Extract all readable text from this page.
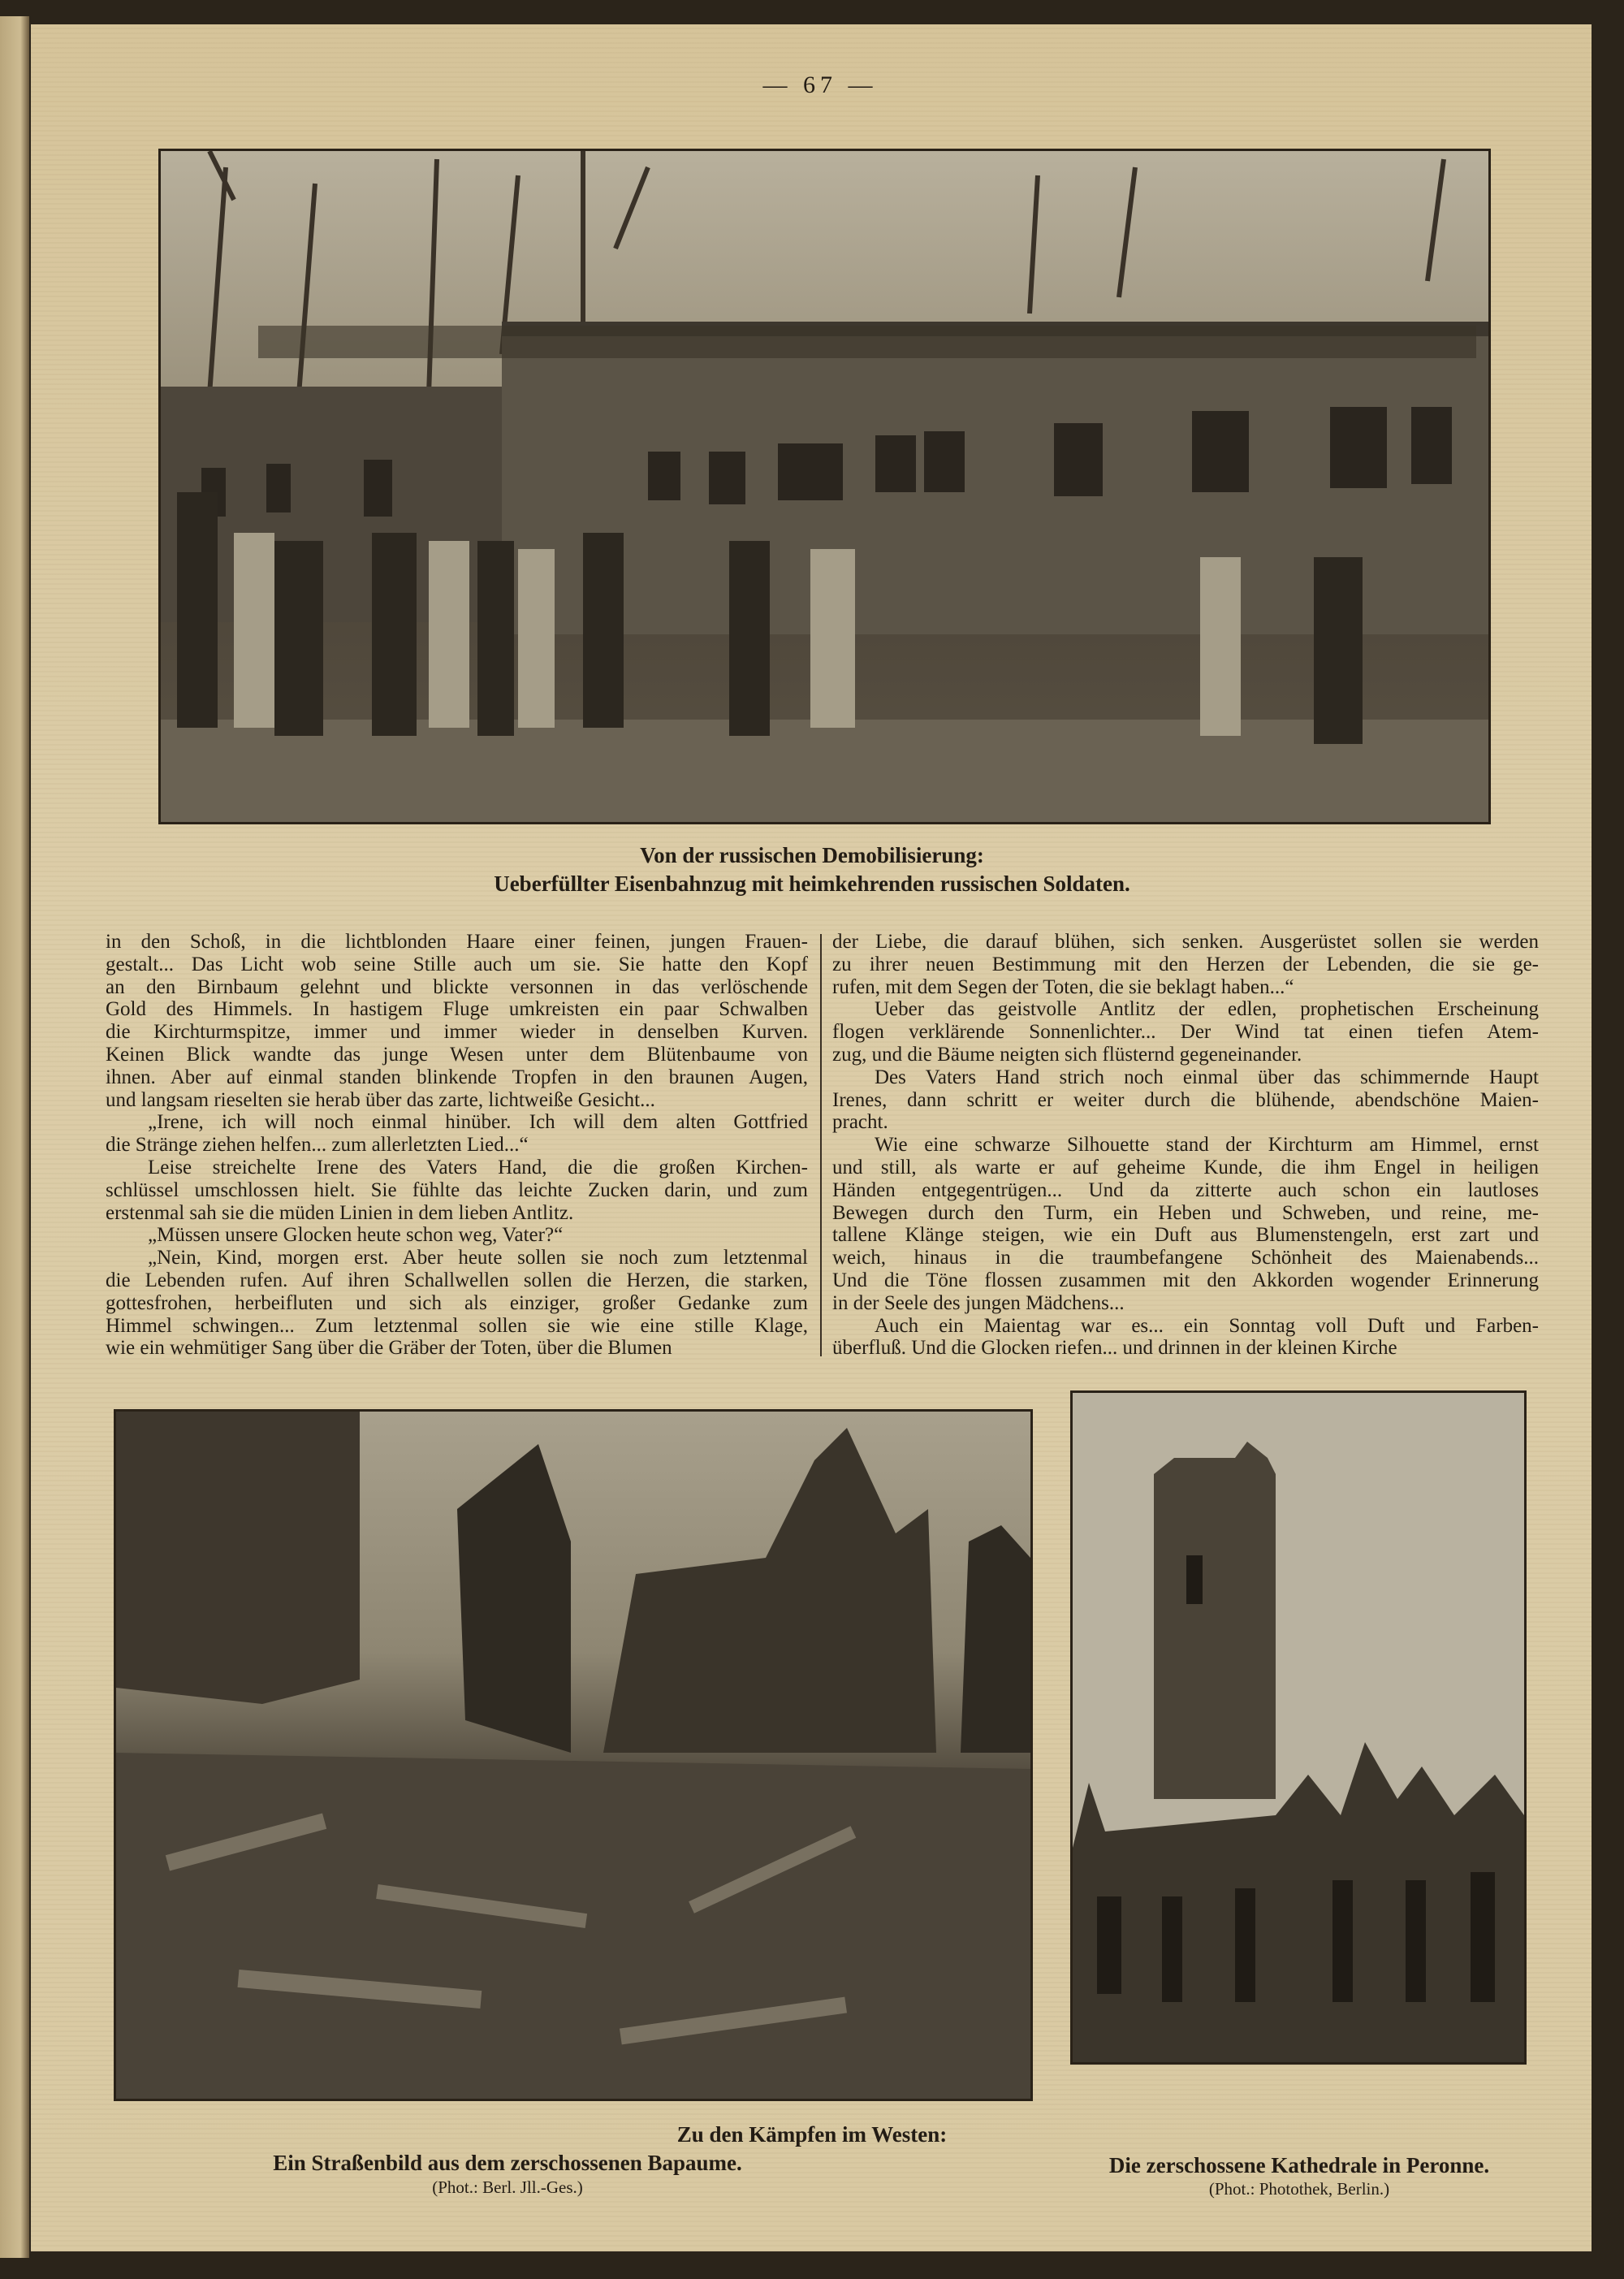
— 67 —
Von der russischen Demobilisierung:
Ueberfüllter Eisenbahnzug mit heimkehrenden russischen Soldaten.
in den Schoß, in die lichtblonden Haare einer feinen, jungen Frauen-
gestalt... Das Licht wob seine Stille auch um sie. Sie hatte den Kopf
an den Birnbaum gelehnt und blickte versonnen in das verlöschende
Gold des Himmels. In hastigem Fluge umkreisten ein paar Schwalben
die Kirchturmspitze, immer und immer wieder in denselben Kurven.
Keinen Blick wandte das junge Wesen unter dem Blütenbaume von
ihnen. Aber auf einmal standen blinkende Tropfen in den braunen Augen,
und langsam rieselten sie herab über das zarte, lichtweiße Gesicht...
„Irene, ich will noch einmal hinüber. Ich will dem alten Gottfried
die Stränge ziehen helfen... zum allerletzten Lied...“
Leise streichelte Irene des Vaters Hand, die die großen Kirchen-
schlüssel umschlossen hielt. Sie fühlte das leichte Zucken darin, und zum
erstenmal sah sie die müden Linien in dem lieben Antlitz.
„Müssen unsere Glocken heute schon weg, Vater?“
„Nein, Kind, morgen erst. Aber heute sollen sie noch zum letztenmal
die Lebenden rufen. Auf ihren Schallwellen sollen die Herzen, die starken,
gottesfrohen, herbeifluten und sich als einziger, großer Gedanke zum
Himmel schwingen... Zum letztenmal sollen sie wie eine stille Klage,
wie ein wehmütiger Sang über die Gräber der Toten, über die Blumen
der Liebe, die darauf blühen, sich senken. Ausgerüstet sollen sie werden
zu ihrer neuen Bestimmung mit den Herzen der Lebenden, die sie ge-
rufen, mit dem Segen der Toten, die sie beklagt haben...“
Ueber das geistvolle Antlitz der edlen, prophetischen Erscheinung
flogen verklärende Sonnenlichter... Der Wind tat einen tiefen Atem-
zug, und die Bäume neigten sich flüsternd gegeneinander.
Des Vaters Hand strich noch einmal über das schimmernde Haupt
Irenes, dann schritt er weiter durch die blühende, abendschöne Maien-
pracht.
Wie eine schwarze Silhouette stand der Kirchturm am Himmel, ernst
und still, als warte er auf geheime Kunde, die ihm Engel in heiligen
Händen entgegentrügen... Und da zitterte auch schon ein lautloses
Bewegen durch den Turm, ein Heben und Schweben, und reine, me-
tallene Klänge steigen, wie ein Duft aus Blumenstengeln, erst zart und
weich, hinaus in die traumbefangene Schönheit des Maienabends...
Und die Töne flossen zusammen mit den Akkorden wogender Erinnerung
in der Seele des jungen Mädchens...
Auch ein Maientag war es... ein Sonntag voll Duft und Farben-
überfluß. Und die Glocken riefen... und drinnen in der kleinen Kirche
Zu den Kämpfen im Westen:
Ein Straßenbild aus dem zerschossenen Bapaume.
(Phot.: Berl. Jll.-Ges.)
Die zerschossene Kathedrale in Peronne.
(Phot.: Photothek, Berlin.)
